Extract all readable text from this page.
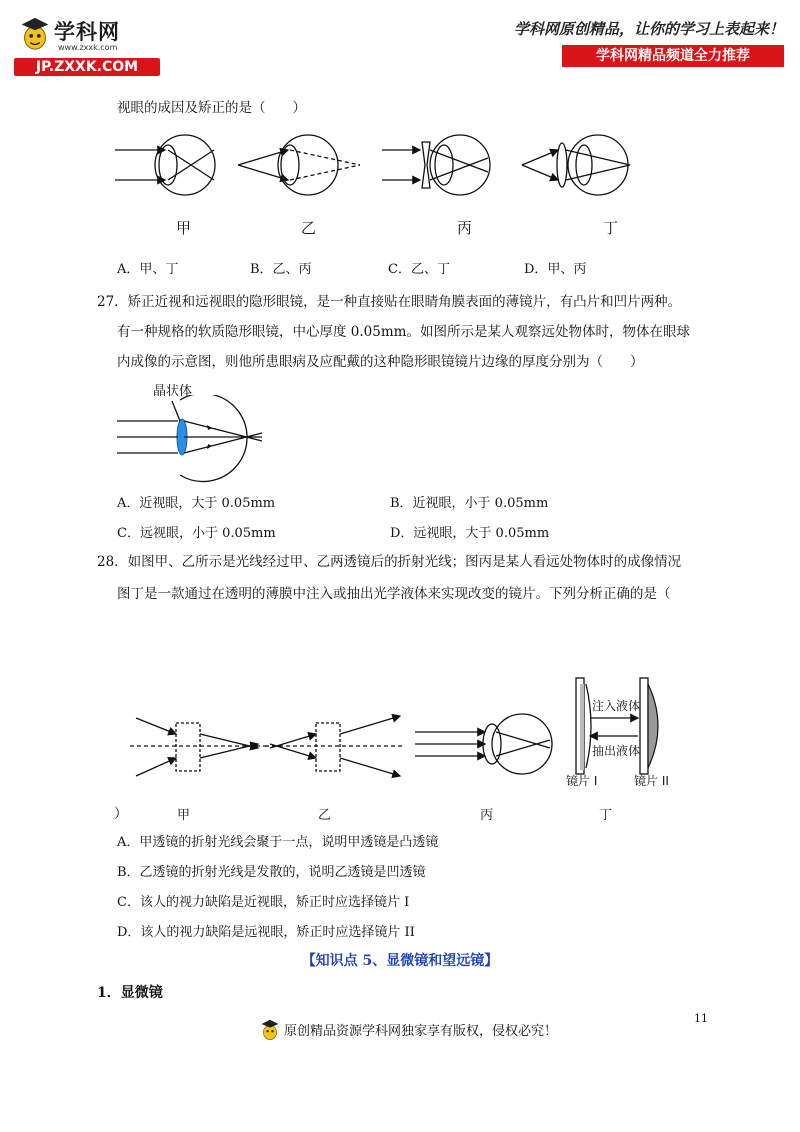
学科网
www.zxxk.com
JP.ZXXK.COM
学科网原创精品，让你的学习上表起来！
学科网精品频道全力推荐
视眼的成因及矫正的是（　　）
甲	乙	丙	丁
A．甲、丁	B．乙、丙	C．乙、丁	D．甲、丙
27．矫正近视和远视眼的隐形眼镜，是一种直接贴在眼睛角膜表面的薄镜片，有凸片和凹片两种。
有一种规格的软质隐形眼镜，中心厚度 0.05mm。如图所示是某人观察远处物体时，物体在眼球
内成像的示意图，则他所患眼病及应配戴的这种隐形眼镜镜片边缘的厚度分别为（　　）
晶状体
A．近视眼，大于 0.05mm	B．近视眼，小于 0.05mm
C．远视眼，小于 0.05mm	D．远视眼，大于 0.05mm
28．如图甲、乙所示是光线经过甲、乙两透镜后的折射光线；图丙是某人看远处物体时的成像情况
图丁是一款通过在透明的薄膜中注入或抽出光学液体来实现改变的镜片。下列分析正确的是（
注入液体
抽出液体
镜片 I	镜片 II
）	甲	乙	丙	丁
A．甲透镜的折射光线会聚于一点，说明甲透镜是凸透镜
B．乙透镜的折射光线是发散的，说明乙透镜是凹透镜
C．该人的视力缺陷是近视眼，矫正时应选择镜片 I
D．该人的视力缺陷是远视眼，矫正时应选择镜片 II
【知识点 5、显微镜和望远镜】
1．显微镜
11
原创精品资源学科网独家享有版权，侵权必究！
